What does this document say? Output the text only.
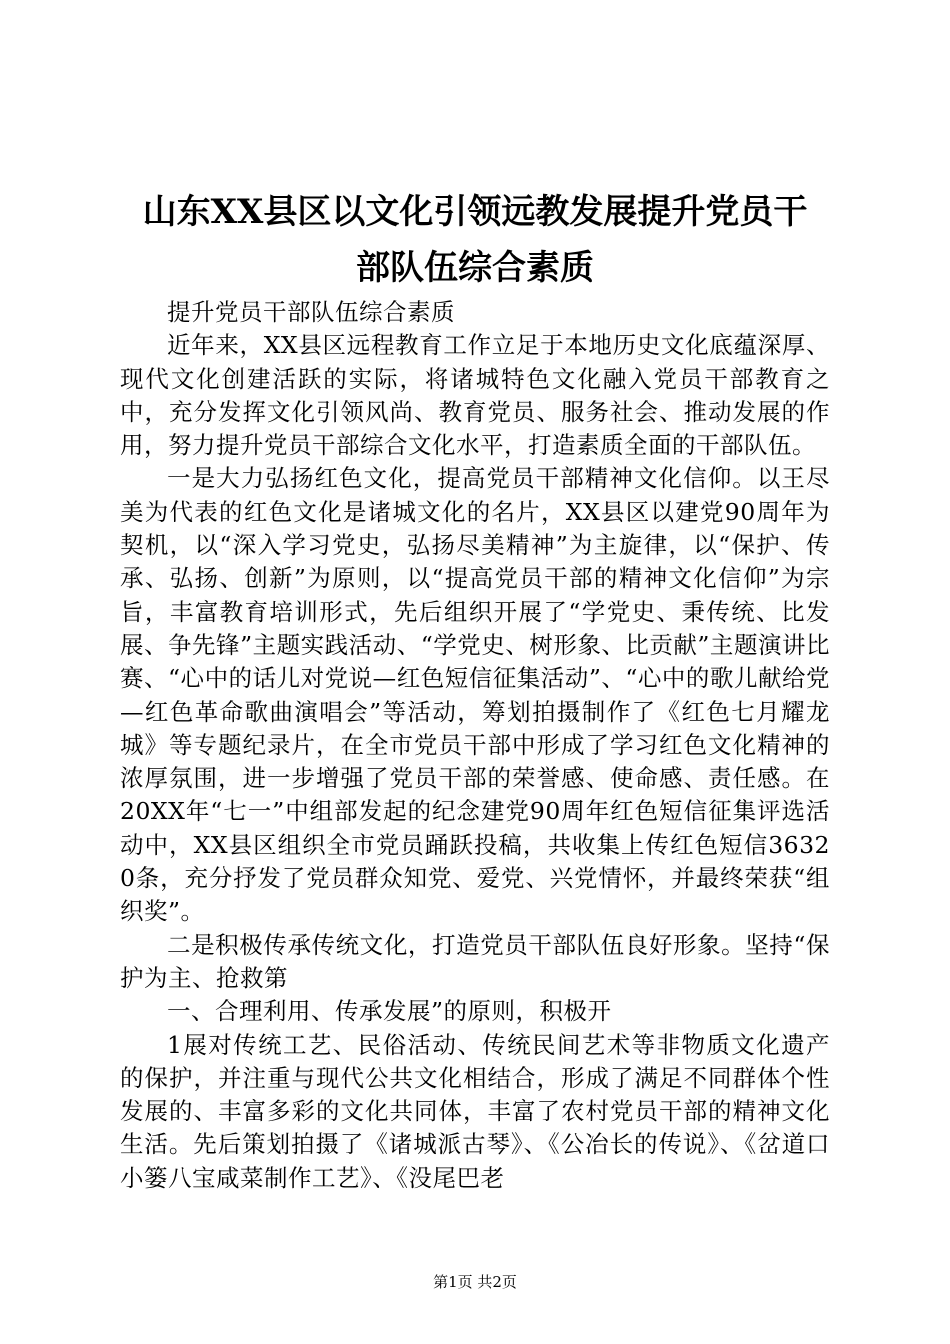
山东XX县区以文化引领远教发展提升党员干
部队伍综合素质

提升党员干部队伍综合素质

近年来，XX县区远程教育工作立足于本地历史文化底蕴深厚、现代文化创建活跃的实际，将诸城特色文化融入党员干部教育之中，充分发挥文化引领风尚、教育党员、服务社会、推动发展的作用，努力提升党员干部综合文化水平，打造素质全面的干部队伍。

一是大力弘扬红色文化，提高党员干部精神文化信仰。以王尽美为代表的红色文化是诸城文化的名片，XX县区以建党90周年为契机，以“深入学习党史，弘扬尽美精神”为主旋律，以“保护、传承、弘扬、创新”为原则，以“提高党员干部的精神文化信仰”为宗旨，丰富教育培训形式，先后组织开展了“学党史、秉传统、比发展、争先锋”主题实践活动、“学党史、树形象、比贡献”主题演讲比赛、“心中的话儿对党说—红色短信征集活动”、“心中的歌儿献给党—红色革命歌曲演唱会”等活动，筹划拍摄制作了《红色七月耀龙城》等专题纪录片，在全市党员干部中形成了学习红色文化精神的浓厚氛围，进一步增强了党员干部的荣誉感、使命感、责任感。在20XX年“七一”中组部发起的纪念建党90周年红色短信征集评选活动中，XX县区组织全市党员踊跃投稿，共收集上传红色短信36320条，充分抒发了党员群众知党、爱党、兴党情怀，并最终荣获“组织奖”。

二是积极传承传统文化，打造党员干部队伍良好形象。坚持“保护为主、抢救第

一、合理利用、传承发展”的原则，积极开

1展对传统工艺、民俗活动、传统民间艺术等非物质文化遗产的保护，并注重与现代公共文化相结合，形成了满足不同群体个性发展的、丰富多彩的文化共同体，丰富了农村党员干部的精神文化生活。先后策划拍摄了《诸城派古琴》、《公冶长的传说》、《岔道口小篓八宝咸菜制作工艺》、《没尾巴老

第1页 共2页
